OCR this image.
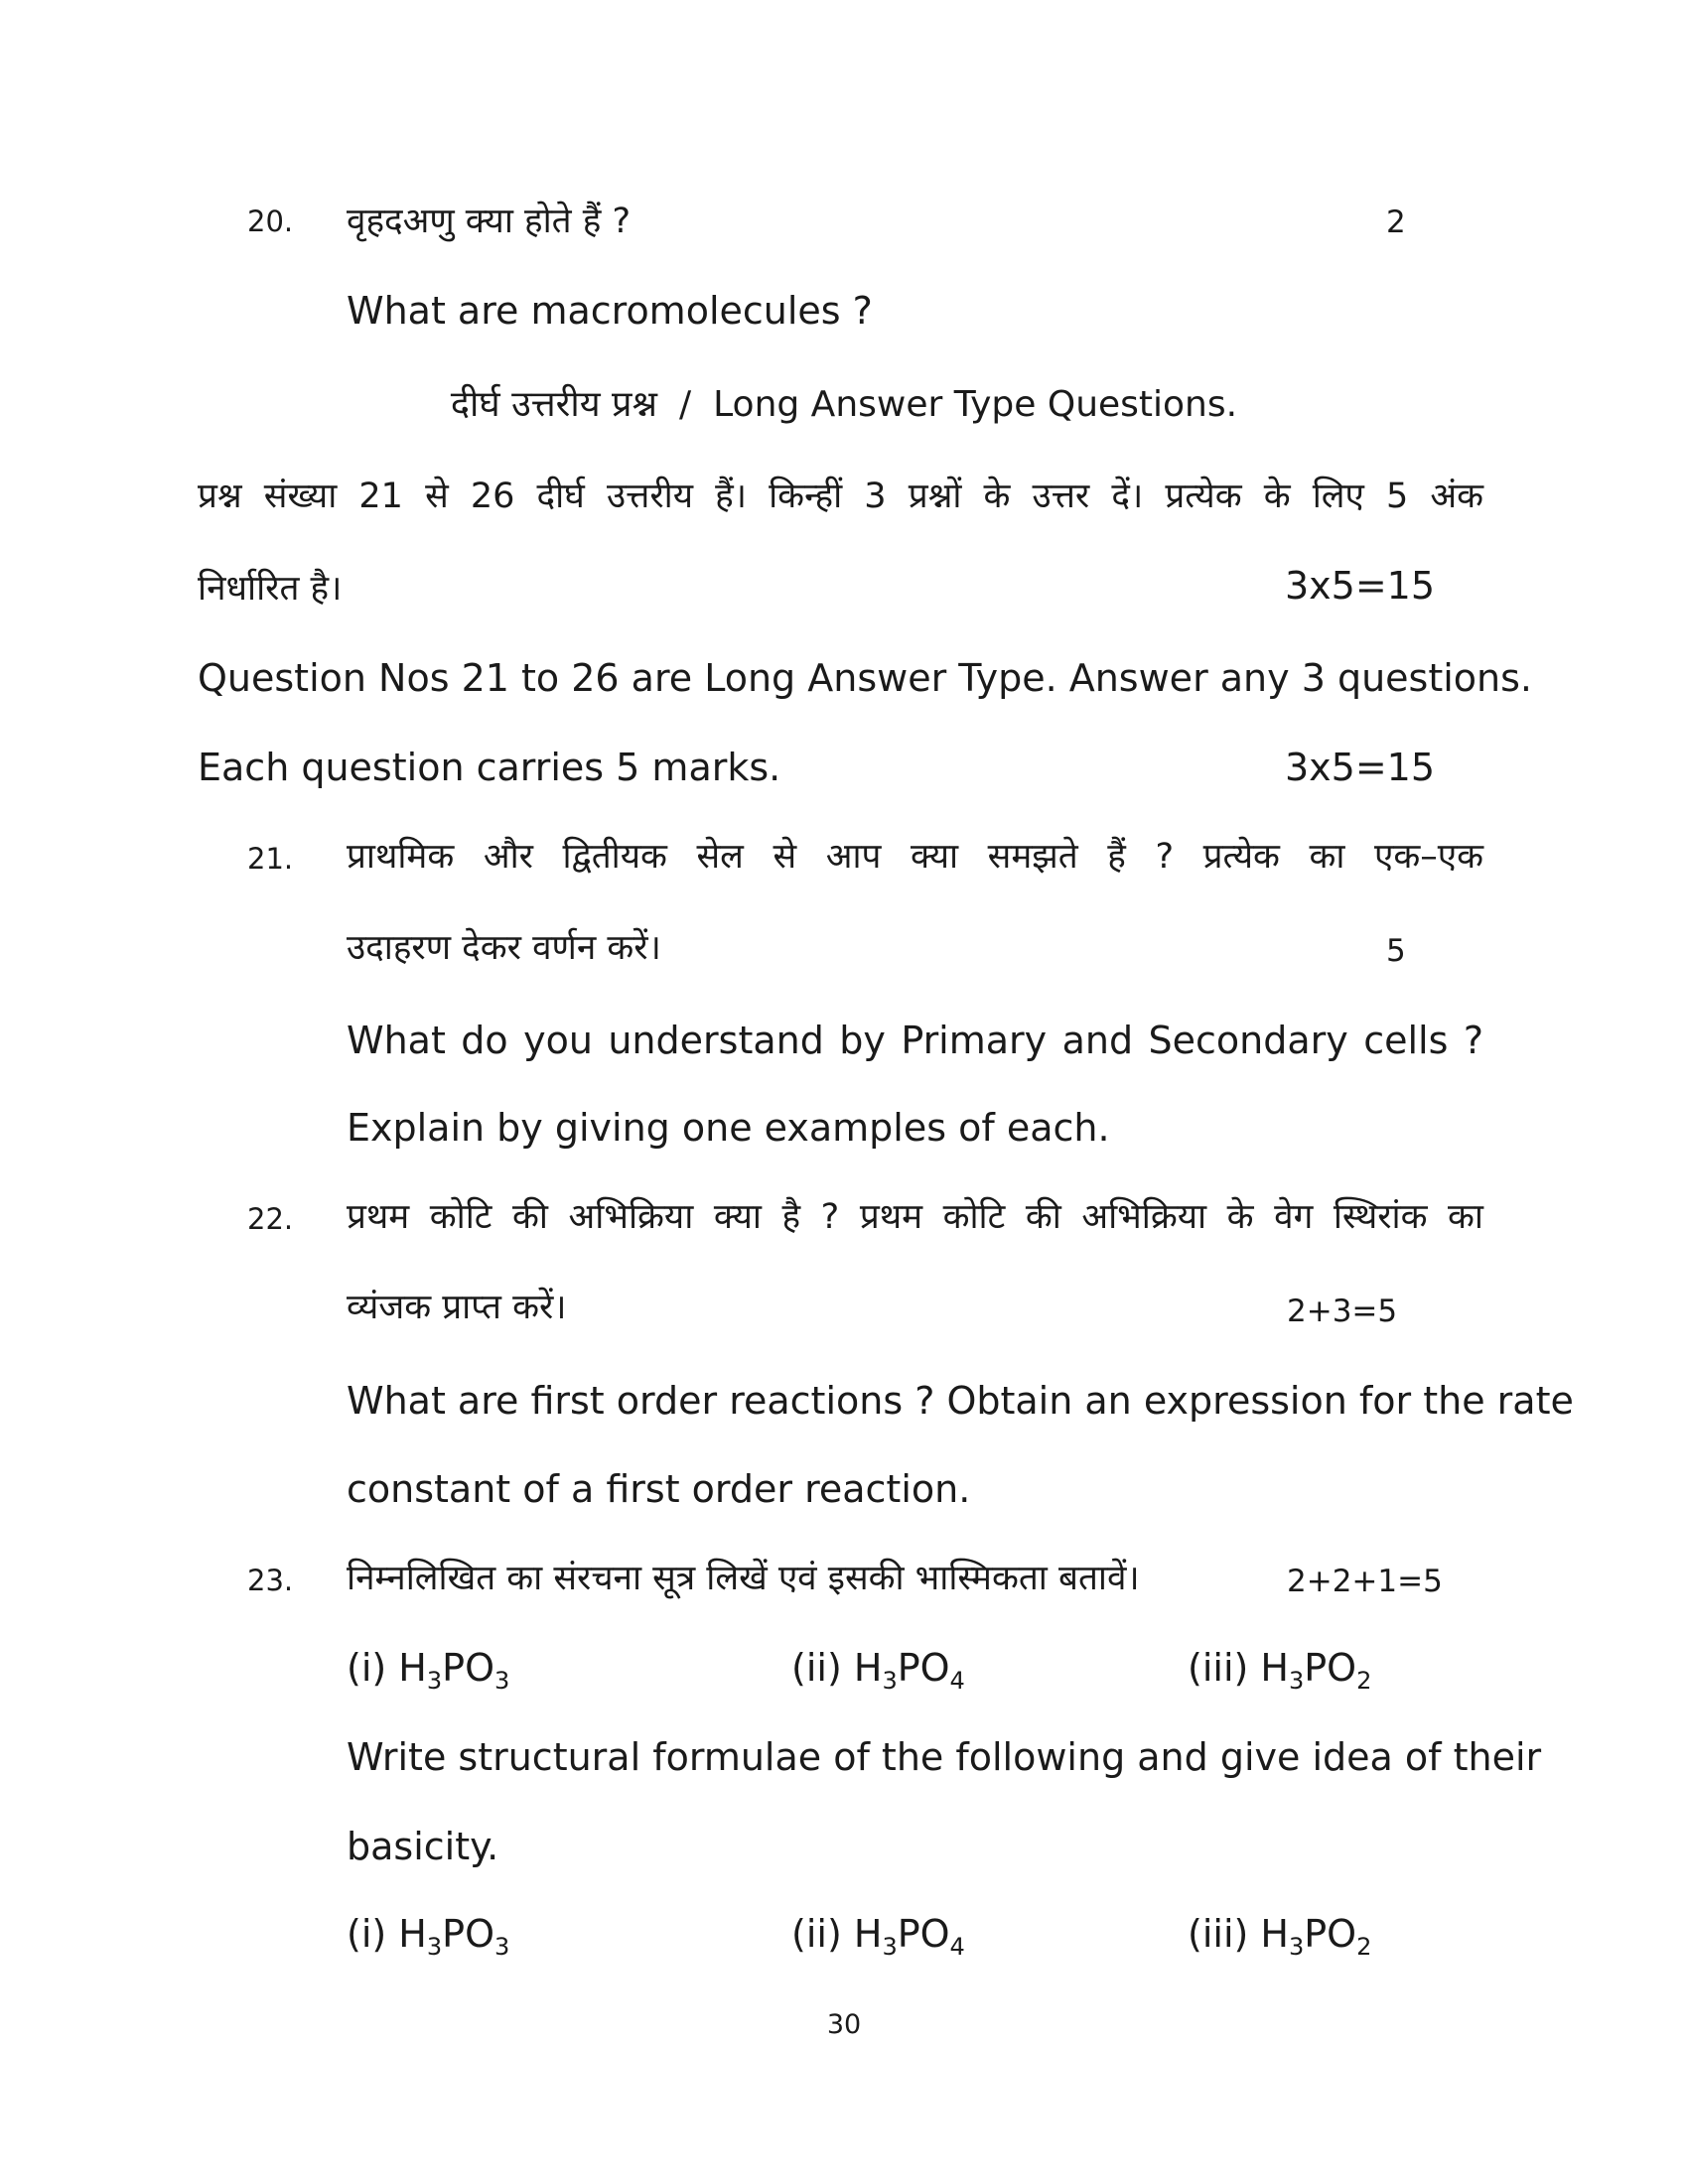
20. वृहदअणु क्या होते हैं ?	2
What are macromolecules ?
दीर्घ उत्तरीय प्रश्न / Long Answer Type Questions.
प्रश्न संख्या 21 से 26 दीर्घ उत्तरीय हैं। किन्हीं 3 प्रश्नों के उत्तर दें। प्रत्येक के लिए 5 अंक
निर्धारित है।	3x5=15
Question Nos 21 to 26 are Long Answer Type. Answer any 3 questions.
Each question carries 5 marks.	3x5=15
21. प्राथमिक और द्वितीयक सेल से आप क्या समझते हैं ? प्रत्येक का एक–एक
उदाहरण देकर वर्णन करें।	5
What do you understand by Primary and Secondary cells ?
Explain by giving one examples of each.
22. प्रथम कोटि की अभिक्रिया क्या है ? प्रथम कोटि की अभिक्रिया के वेग स्थिरांक का
व्यंजक प्राप्त करें।	2+3=5
What are first order reactions ? Obtain an expression for the rate
constant of a first order reaction.
23. निम्नलिखित का संरचना सूत्र लिखें एवं इसकी भास्मिकता बतावें।	2+2+1=5
(i) $H_3PO_3$	(ii) $H_3PO_4$	(iii) $H_3PO_2$
Write structural formulae of the following and give idea of their
basicity.
(i) $H_3PO_3$	(ii) $H_3PO_4$	(iii) $H_3PO_2$
30
